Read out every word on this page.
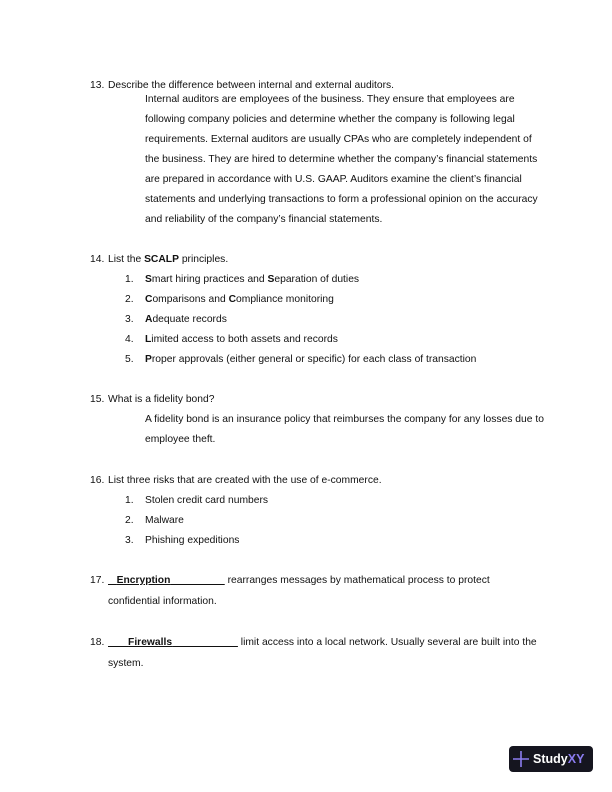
13. Describe the difference between internal and external auditors.
Internal auditors are employees of the business. They ensure that employees are
following company policies and determine whether the company is following legal
requirements. External auditors are usually CPAs who are completely independent of
the business. They are hired to determine whether the company’s financial statements
are prepared in accordance with U.S. GAAP. Auditors examine the client’s financial
statements and underlying transactions to form a professional opinion on the accuracy
and reliability of the company’s financial statements.
14. List the SCALP principles.
1. Smart hiring practices and Separation of duties
2. Comparisons and Compliance monitoring
3. Adequate records
4. Limited access to both assets and records
5. Proper approvals (either general or specific) for each class of transaction
15. What is a fidelity bond?
A fidelity bond is an insurance policy that reimburses the company for any losses due to
employee theft.
16. List three risks that are created with the use of e-commerce.
1. Stolen credit card numbers
2. Malware
3. Phishing expeditions
17.	Encryption	rearranges messages by mathematical process to protect
confidential information.
18.	Firewalls	limit access into a local network. Usually several are built into the
system.
Study XY
